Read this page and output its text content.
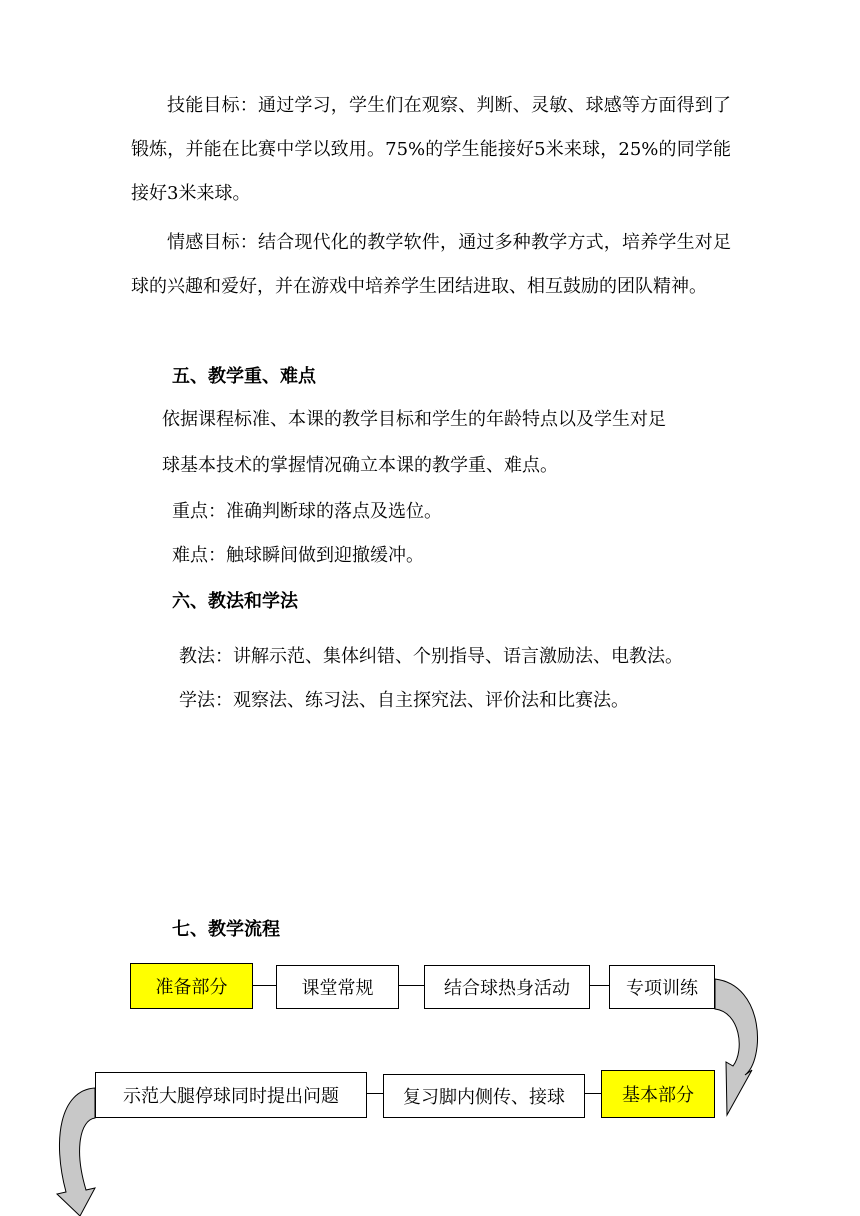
技能目标：通过学习，学生们在观察、判断、灵敏、球感等方面得到了锻炼，并能在比赛中学以致用。75%的学生能接好5米来球，25%的同学能接好3米来球。

情感目标：结合现代化的教学软件，通过多种教学方式，培养学生对足球的兴趣和爱好，并在游戏中培养学生团结进取、相互鼓励的团队精神。

五、教学重、难点
依据课程标准、本课的教学目标和学生的年龄特点以及学生对足
球基本技术的掌握情况确立本课的教学重、难点。
重点：准确判断球的落点及选位。
难点：触球瞬间做到迎撤缓冲。
六、教法和学法
教法：讲解示范、集体纠错、个别指导、语言激励法、电教法。
学法：观察法、练习法、自主探究法、评价法和比赛法。
七、教学流程
准备部分	课堂常规	结合球热身活动	专项训练
示范大腿停球同时提出问题	复习脚内侧传、接球	基本部分
